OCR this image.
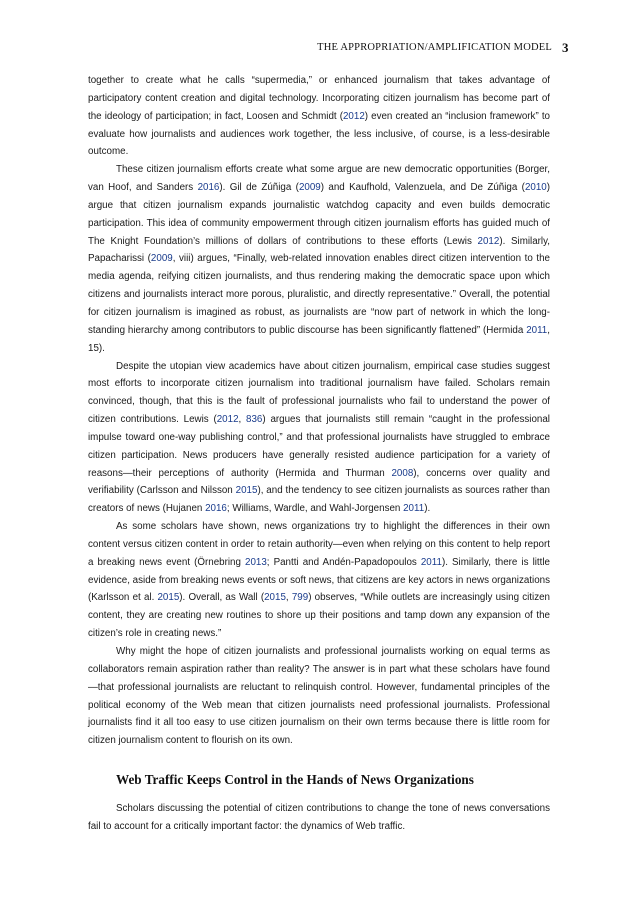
THE APPROPRIATION/AMPLIFICATION MODEL 3

together to create what he calls “supermedia,” or enhanced journalism that takes advantage of participatory content creation and digital technology. Incorporating citizen journalism has become part of the ideology of participation; in fact, Loosen and Schmidt (2012) even created an “inclusion framework” to evaluate how journalists and audiences work together, the less inclusive, of course, is a less-desirable outcome.

These citizen journalism efforts create what some argue are new democratic opportunities (Borger, van Hoof, and Sanders 2016). Gil de Zúñiga (2009) and Kaufhold, Valenzuela, and De Zúñiga (2010) argue that citizen journalism expands journalistic watchdog capacity and even builds democratic participation. This idea of community empowerment through citizen journalism efforts has guided much of The Knight Foundation’s millions of dollars of contributions to these efforts (Lewis 2012). Similarly, Papacharissi (2009, viii) argues, “Finally, web-related innovation enables direct citizen intervention to the media agenda, reifying citizen journalists, and thus rendering making the democratic space upon which citizens and journalists interact more porous, pluralistic, and directly representative.” Overall, the potential for citizen journalism is imagined as robust, as journalists are “now part of network in which the long-standing hierarchy among contributors to public discourse has been significantly flattened” (Hermida 2011, 15).

Despite the utopian view academics have about citizen journalism, empirical case studies suggest most efforts to incorporate citizen journalism into traditional journalism have failed. Scholars remain convinced, though, that this is the fault of professional journalists who fail to understand the power of citizen contributions. Lewis (2012, 836) argues that journalists still remain “caught in the professional impulse toward one-way publishing control,” and that professional journalists have struggled to embrace citizen participation. News producers have generally resisted audience participation for a variety of reasons—their perceptions of authority (Hermida and Thurman 2008), concerns over quality and verifiability (Carlsson and Nilsson 2015), and the tendency to see citizen journalists as sources rather than creators of news (Hujanen 2016; Williams, Wardle, and Wahl-Jorgensen 2011).

As some scholars have shown, news organizations try to highlight the differences in their own content versus citizen content in order to retain authority—even when relying on this content to help report a breaking news event (Örnebring 2013; Pantti and Andén-Papadopoulos 2011). Similarly, there is little evidence, aside from breaking news events or soft news, that citizens are key actors in news organizations (Karlsson et al. 2015). Overall, as Wall (2015, 799) observes, “While outlets are increasingly using citizen content, they are creating new routines to shore up their positions and tamp down any expansion of the citizen’s role in creating news.”

Why might the hope of citizen journalists and professional journalists working on equal terms as collaborators remain aspiration rather than reality? The answer is in part what these scholars have found—that professional journalists are reluctant to relinquish control. However, fundamental principles of the political economy of the Web mean that citizen journalists need professional journalists. Professional journalists find it all too easy to use citizen journalism on their own terms because there is little room for citizen journalism content to flourish on its own.

Web Traffic Keeps Control in the Hands of News Organizations

Scholars discussing the potential of citizen contributions to change the tone of news conversations fail to account for a critically important factor: the dynamics of Web traffic.
